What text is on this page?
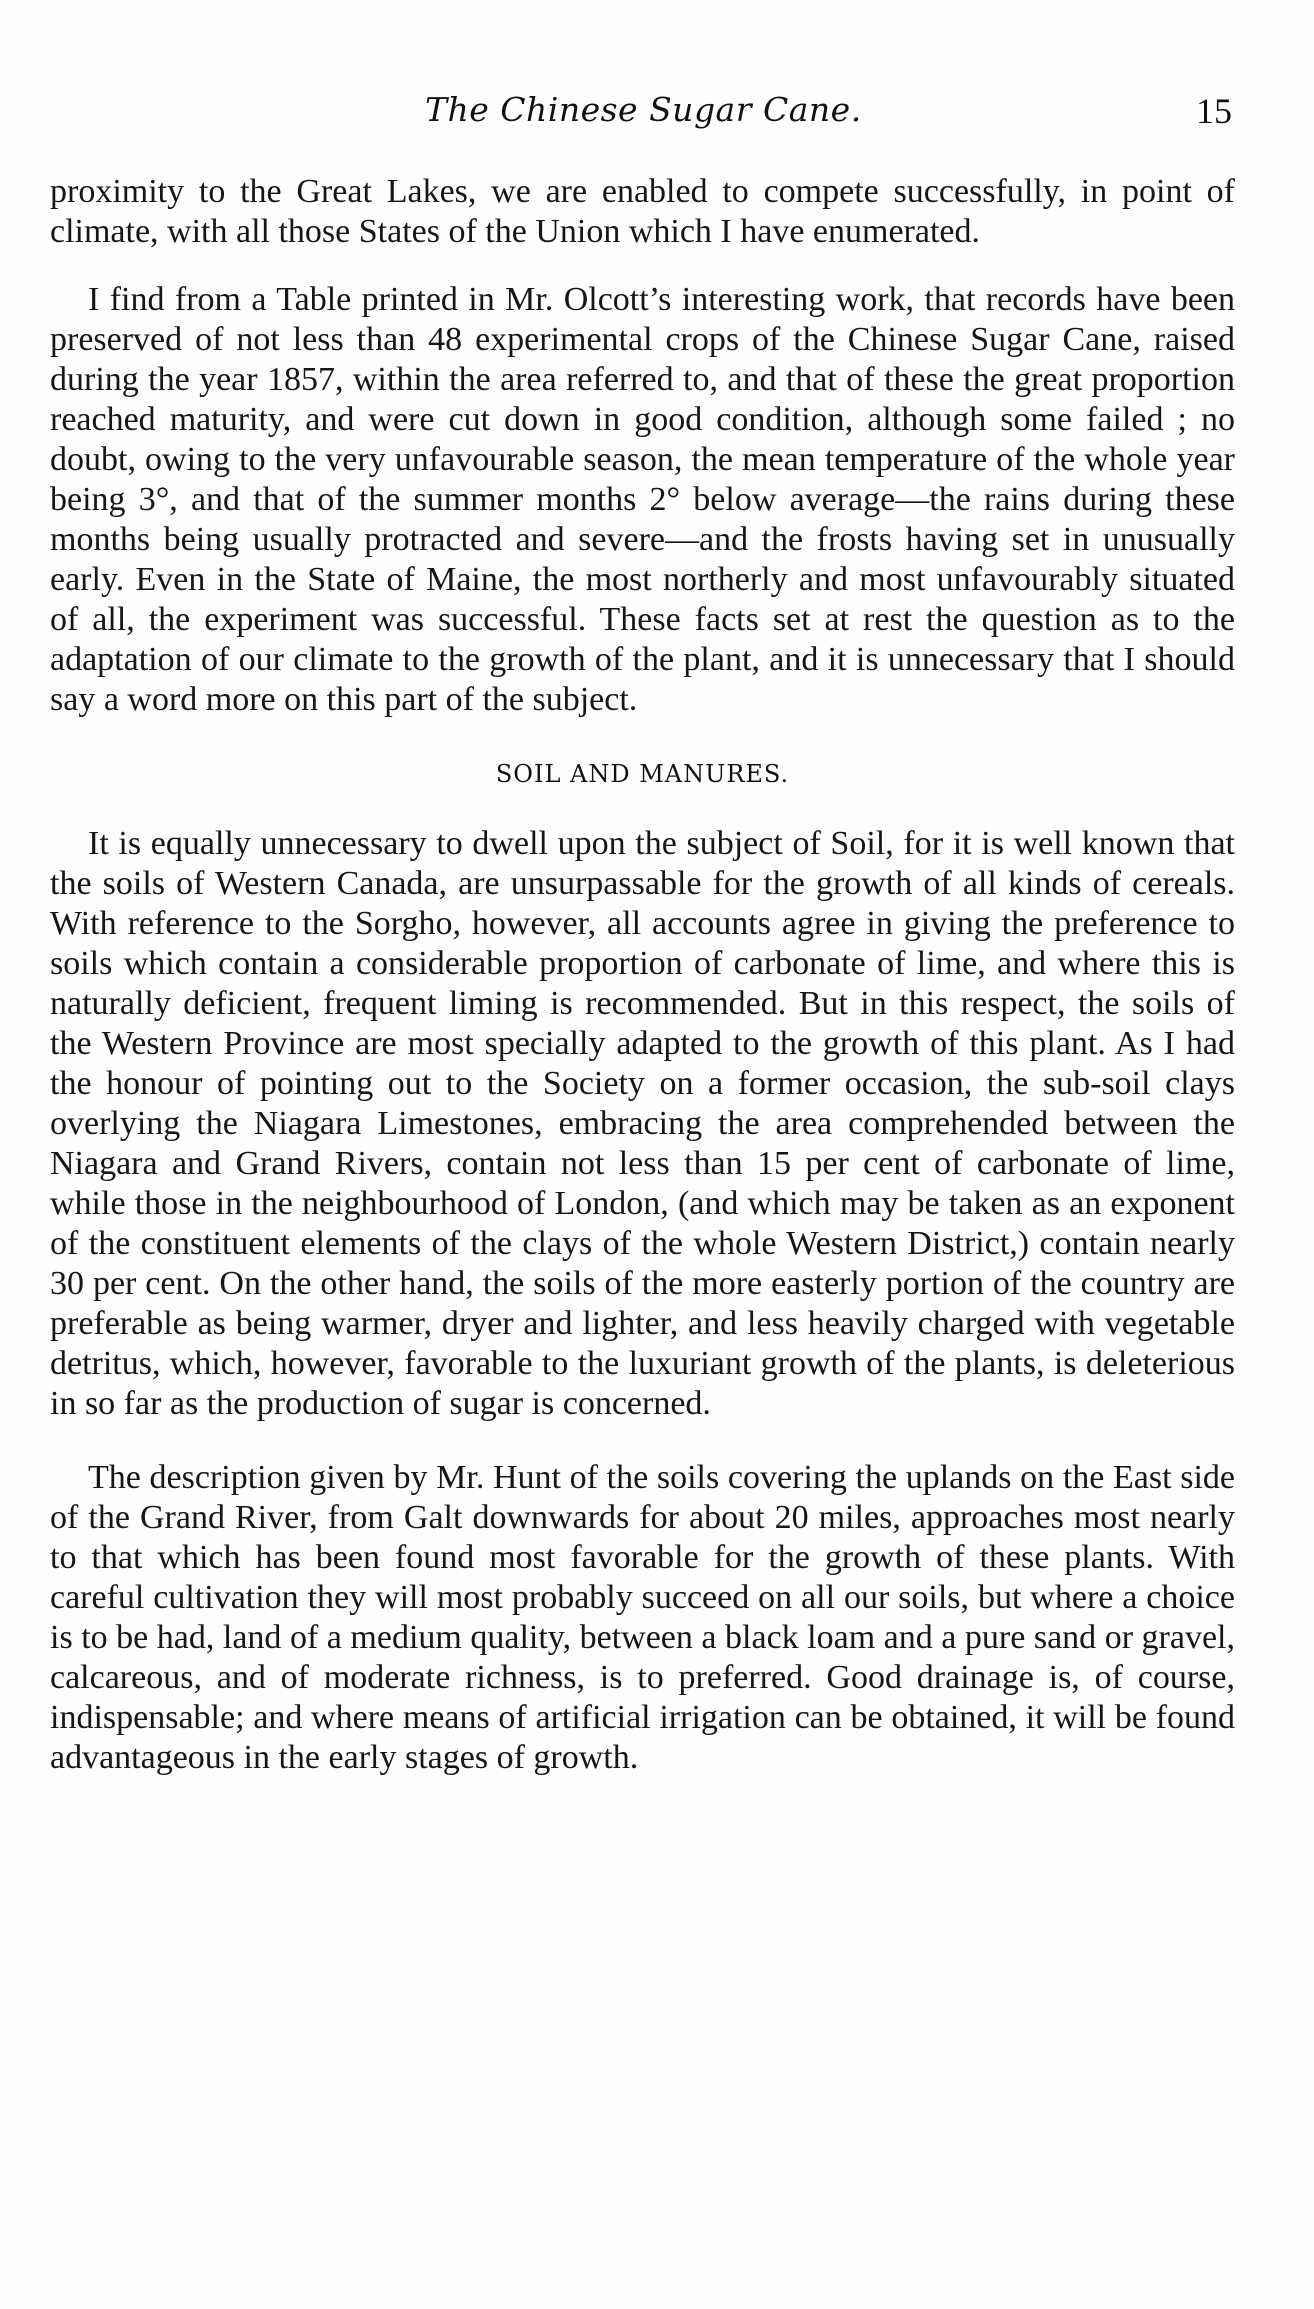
The Chinese Sugar Cane.	15

proximity to the Great Lakes, we are enabled to compete successfully, in point of climate, with all those States of the Union which I have enumerated.

I find from a Table printed in Mr. Olcott’s interesting work, that records have been preserved of not less than 48 experimental crops of the Chinese Sugar Cane, raised during the year 1857, within the area referred to, and that of these the great proportion reached maturity, and were cut down in good condition, although some failed ; no doubt, owing to the very unfavourable season, the mean temperature of the whole year being 3°, and that of the summer months 2° below average—the rains during these months being usually protracted and severe—and the frosts having set in unusually early. Even in the State of Maine, the most northerly and most unfavourably situated of all, the experiment was successful. These facts set at rest the question as to the adaptation of our climate to the growth of the plant, and it is unnecessary that I should say a word more on this part of the subject.

SOIL AND MANURES.

It is equally unnecessary to dwell upon the subject of Soil, for it is well known that the soils of Western Canada, are unsurpassable for the growth of all kinds of cereals. With reference to the Sorgho, however, all accounts agree in giving the preference to soils which contain a considerable proportion of carbonate of lime, and where this is naturally deficient, frequent liming is recommended. But in this respect, the soils of the Western Province are most specially adapted to the growth of this plant. As I had the honour of pointing out to the Society on a former occasion, the sub-soil clays overlying the Niagara Limestones, embracing the area comprehended between the Niagara and Grand Rivers, contain not less than 15 per cent of carbonate of lime, while those in the neighbourhood of London, (and which may be taken as an exponent of the constituent elements of the clays of the whole Western District,) contain nearly 30 per cent. On the other hand, the soils of the more easterly portion of the country are preferable as being warmer, dryer and lighter, and less heavily charged with vegetable detritus, which, however, favorable to the luxuriant growth of the plants, is deleterious in so far as the production of sugar is concerned.

The description given by Mr. Hunt of the soils covering the uplands on the East side of the Grand River, from Galt downwards for about 20 miles, approaches most nearly to that which has been found most favorable for the growth of these plants. With careful cultivation they will most probably succeed on all our soils, but where a choice is to be had, land of a medium quality, between a black loam and a pure sand or gravel, calcareous, and of moderate richness, is to preferred. Good drainage is, of course, indispensable; and where means of artificial irrigation can be obtained, it will be found advantageous in the early stages of growth.
